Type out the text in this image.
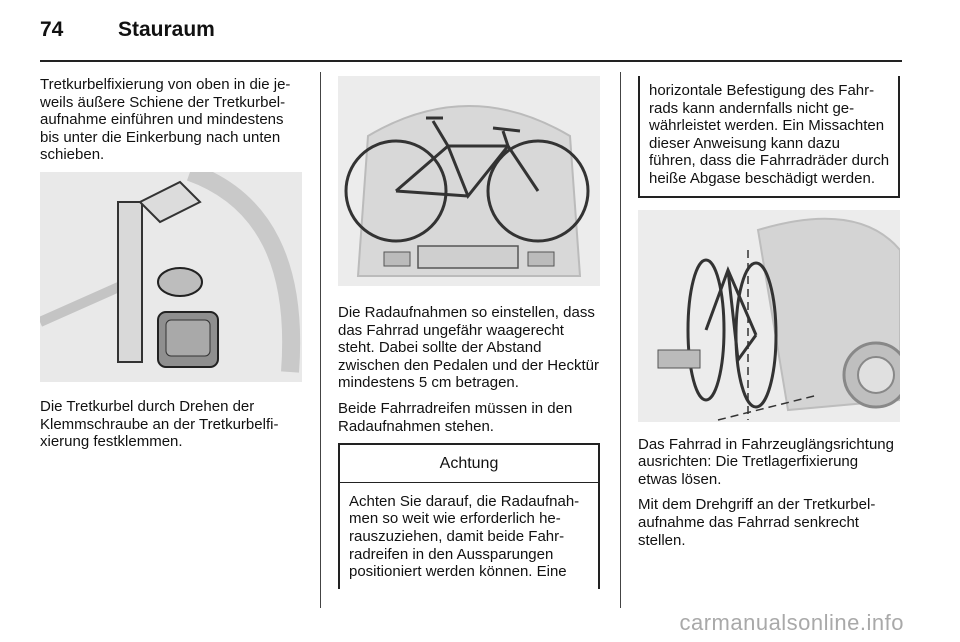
74	Stauraum

Tretkurbelfixierung von oben in die jeweils äußere Schiene der Tretkurbelaufnahme einführen und mindestens bis unter die Einkerbung nach unten schieben.

Die Tretkurbel durch Drehen der Klemmschraube an der Tretkurbelfixierung festklemmen.

Die Radaufnahmen so einstellen, dass das Fahrrad ungefähr waagerecht steht. Dabei sollte der Abstand zwischen den Pedalen und der Hecktür mindestens 5 cm betragen.

Beide Fahrradreifen müssen in den Radaufnahmen stehen.

Achtung
Achten Sie darauf, die Radaufnahmen so weit wie erforderlich herauszuziehen, damit beide Fahrradreifen in den Aussparungen positioniert werden können. Eine
horizontale Befestigung des Fahrrads kann andernfalls nicht gewährleistet werden. Ein Missachten dieser Anweisung kann dazu führen, dass die Fahrradräder durch heiße Abgase beschädigt werden.

Das Fahrrad in Fahrzeuglängsrichtung ausrichten: Die Tretlagerfixierung etwas lösen.

Mit dem Drehgriff an der Tretkurbelaufnahme das Fahrrad senkrecht stellen.

carmanualsonline.info
